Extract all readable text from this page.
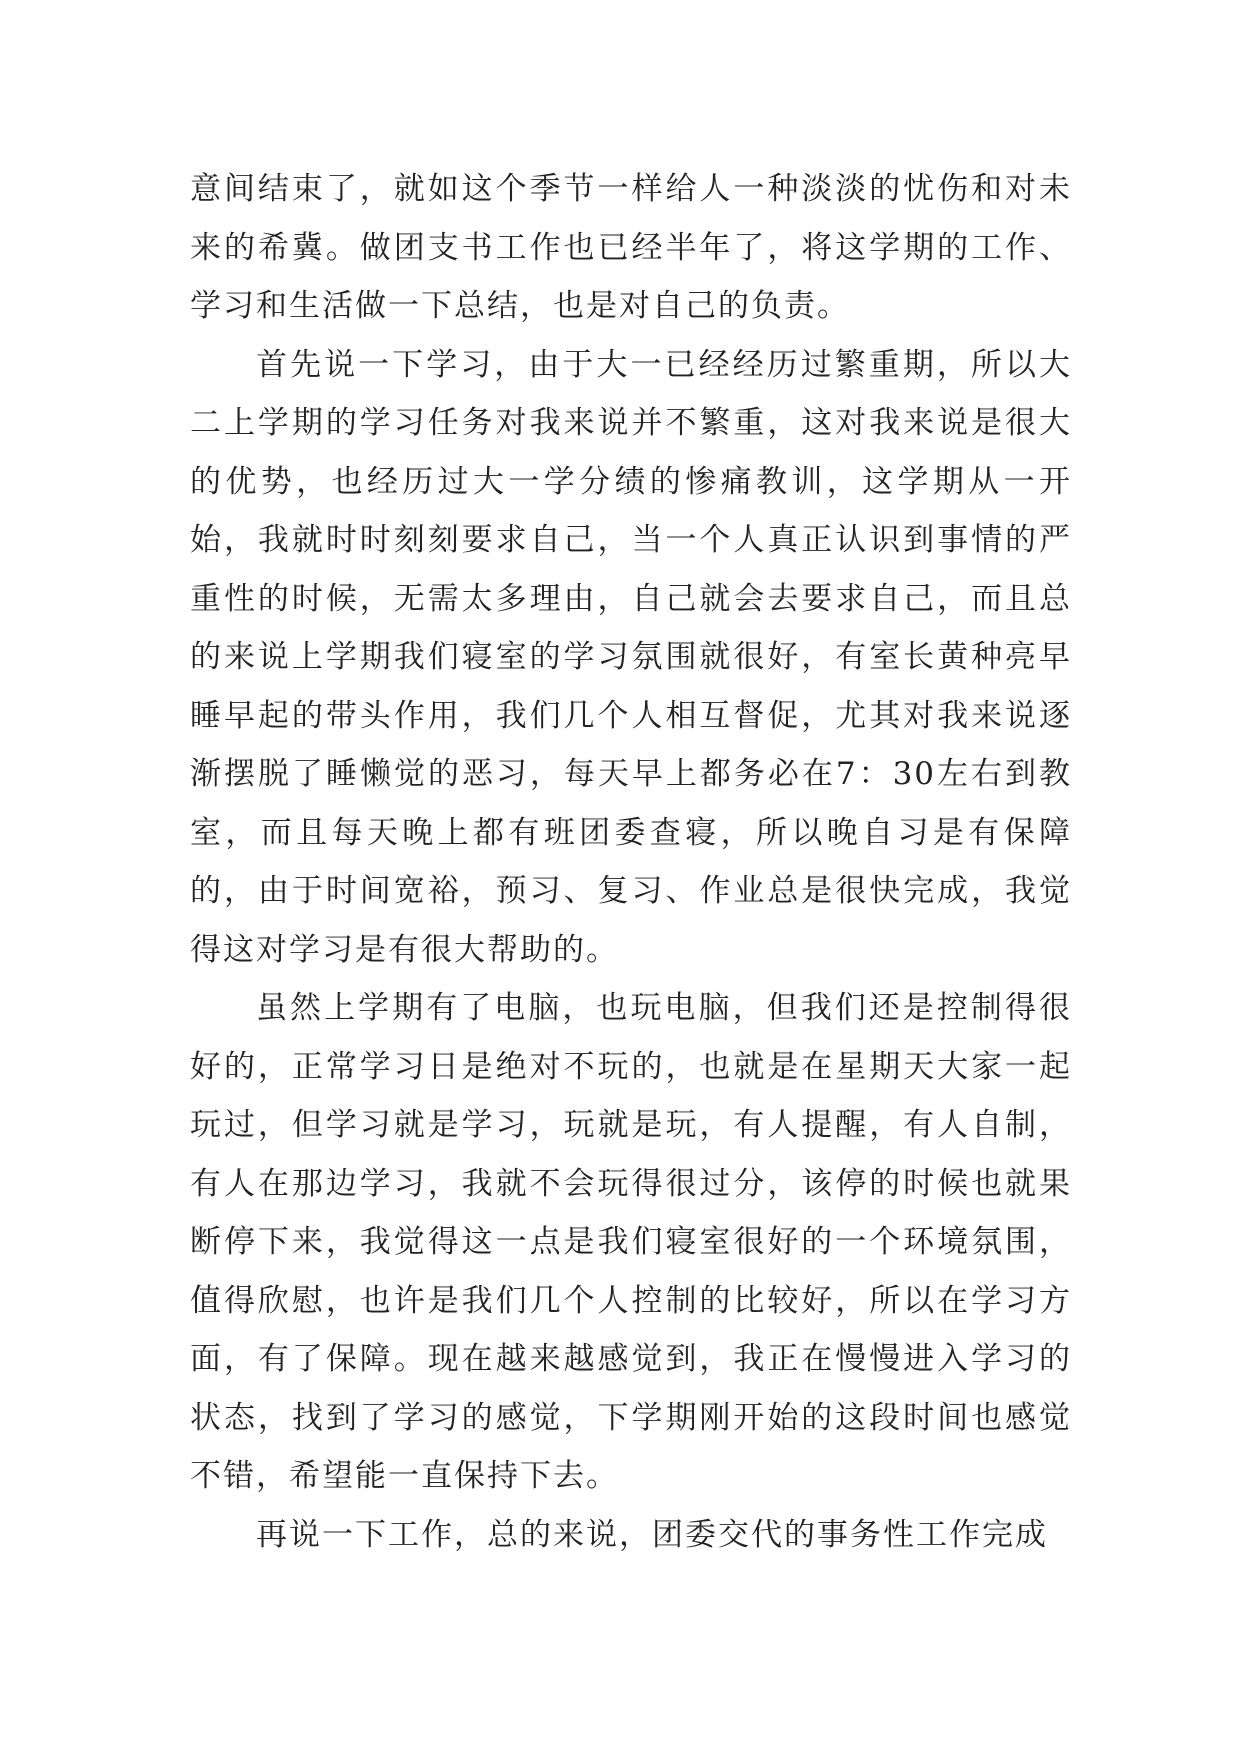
意间结束了，就如这个季节一样给人一种淡淡的忧伤和对未来的希冀。做团支书工作也已经半年了，将这学期的工作、学习和生活做一下总结，也是对自己的负责。

首先说一下学习，由于大一已经经历过繁重期，所以大二上学期的学习任务对我来说并不繁重，这对我来说是很大的优势，也经历过大一学分绩的惨痛教训，这学期从一开始，我就时时刻刻要求自己，当一个人真正认识到事情的严重性的时候，无需太多理由，自己就会去要求自己，而且总的来说上学期我们寝室的学习氛围就很好，有室长黄种亮早睡早起的带头作用，我们几个人相互督促，尤其对我来说逐渐摆脱了睡懒觉的恶习，每天早上都务必在7：30左右到教室，而且每天晚上都有班团委查寝，所以晚自习是有保障的，由于时间宽裕，预习、复习、作业总是很快完成，我觉得这对学习是有很大帮助的。

虽然上学期有了电脑，也玩电脑，但我们还是控制得很好的，正常学习日是绝对不玩的，也就是在星期天大家一起玩过，但学习就是学习，玩就是玩，有人提醒，有人自制，有人在那边学习，我就不会玩得很过分，该停的时候也就果断停下来，我觉得这一点是我们寝室很好的一个环境氛围，值得欣慰，也许是我们几个人控制的比较好，所以在学习方面，有了保障。现在越来越感觉到，我正在慢慢进入学习的状态，找到了学习的感觉，下学期刚开始的这段时间也感觉不错，希望能一直保持下去。

再说一下工作，总的来说，团委交代的事务性工作完成
